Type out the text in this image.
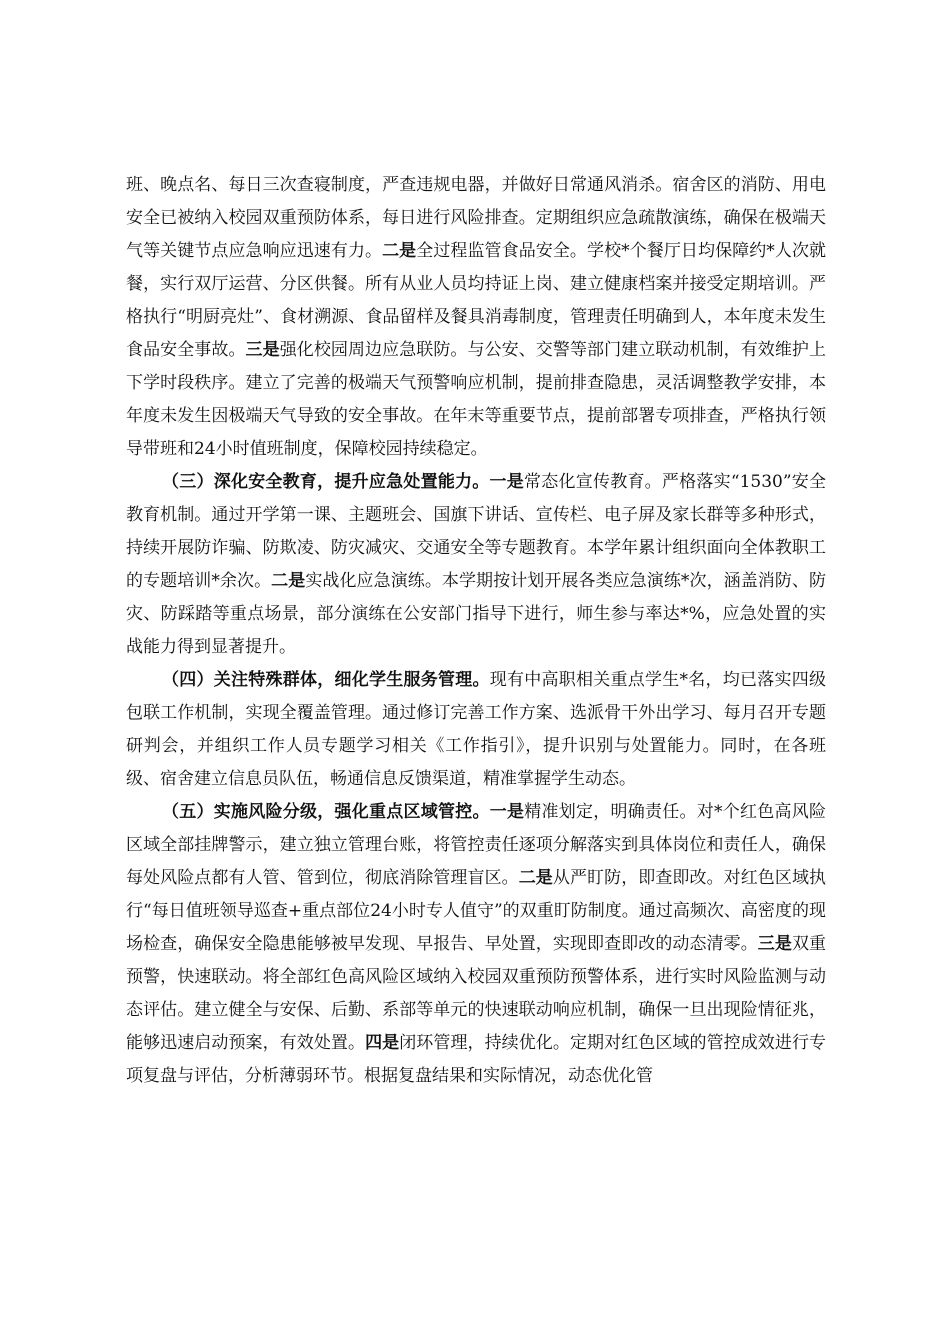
班、晚点名、每日三次查寝制度，严查违规电器，并做好日常通风消杀。宿舍区的消防、用电安全已被纳入校园双重预防体系，每日进行风险排查。定期组织应急疏散演练，确保在极端天气等关键节点应急响应迅速有力。二是全过程监管食品安全。学校*个餐厅日均保障约*人次就餐，实行双厅运营、分区供餐。所有从业人员均持证上岗、建立健康档案并接受定期培训。严格执行“明厨亮灶”、食材溯源、食品留样及餐具消毒制度，管理责任明确到人，本年度未发生食品安全事故。三是强化校园周边应急联防。与公安、交警等部门建立联动机制，有效维护上下学时段秩序。建立了完善的极端天气预警响应机制，提前排查隐患，灵活调整教学安排，本年度未发生因极端天气导致的安全事故。在年末等重要节点，提前部署专项排查，严格执行领导带班和24小时值班制度，保障校园持续稳定。

（三）深化安全教育，提升应急处置能力。一是常态化宣传教育。严格落实“1530”安全教育机制。通过开学第一课、主题班会、国旗下讲话、宣传栏、电子屏及家长群等多种形式，持续开展防诈骗、防欺凌、防灾减灾、交通安全等专题教育。本学年累计组织面向全体教职工的专题培训*余次。二是实战化应急演练。本学期按计划开展各类应急演练*次，涵盖消防、防灾、防踩踏等重点场景，部分演练在公安部门指导下进行，师生参与率达*%，应急处置的实战能力得到显著提升。

（四）关注特殊群体，细化学生服务管理。现有中高职相关重点学生*名，均已落实四级包联工作机制，实现全覆盖管理。通过修订完善工作方案、选派骨干外出学习、每月召开专题研判会，并组织工作人员专题学习相关《工作指引》，提升识别与处置能力。同时，在各班级、宿舍建立信息员队伍，畅通信息反馈渠道，精准掌握学生动态。

（五）实施风险分级，强化重点区域管控。一是精准划定，明确责任。对*个红色高风险区域全部挂牌警示，建立独立管理台账，将管控责任逐项分解落实到具体岗位和责任人，确保每处风险点都有人管、管到位，彻底消除管理盲区。二是从严盯防，即查即改。对红色区域执行“每日值班领导巡查+重点部位24小时专人值守”的双重盯防制度。通过高频次、高密度的现场检查，确保安全隐患能够被早发现、早报告、早处置，实现即查即改的动态清零。三是双重预警，快速联动。将全部红色高风险区域纳入校园双重预防预警体系，进行实时风险监测与动态评估。建立健全与安保、后勤、系部等单元的快速联动响应机制，确保一旦出现险情征兆，能够迅速启动预案，有效处置。四是闭环管理，持续优化。定期对红色区域的管控成效进行专项复盘与评估，分析薄弱环节。根据复盘结果和实际情况，动态优化管
